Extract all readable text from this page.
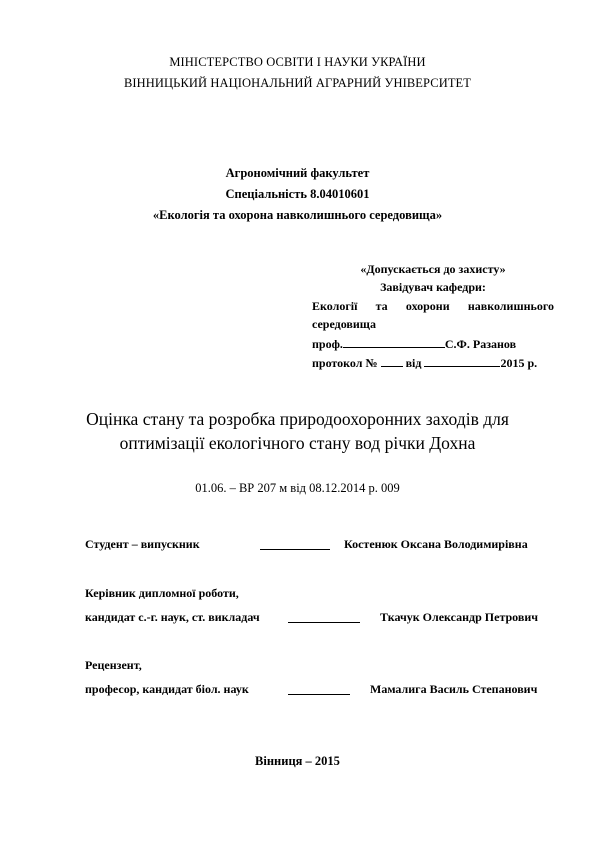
МІНІСТЕРСТВО ОСВІТИ І НАУКИ УКРАЇНИ
ВІННИЦЬКИЙ НАЦІОНАЛЬНИЙ АГРАРНИЙ УНІВЕРСИТЕТ
Агрономічний факультет
Спеціальність 8.04010601
«Екологія та охорона навколишнього середовища»
«Допускається до захисту»
Завідувач кафедри:
Екології та охорони навколишнього
середовища
проф.	С.Ф. Разанов
протокол № від	2015 р.
Оцінка стану та розробка природоохоронних заходів для
оптимізації екологічного стану вод річки Дохна
01.06. – ВР 207 м від 08.12.2014 р. 009
Студент – випускник	Костенюк Оксана Володимирівна
Керівник дипломної роботи,
кандидат с.-г. наук, ст. викладач	Ткачук Олександр Петрович
Рецензент,
професор, кандидат біол. наук	Мамалига Василь Степанович
Вінниця – 2015
